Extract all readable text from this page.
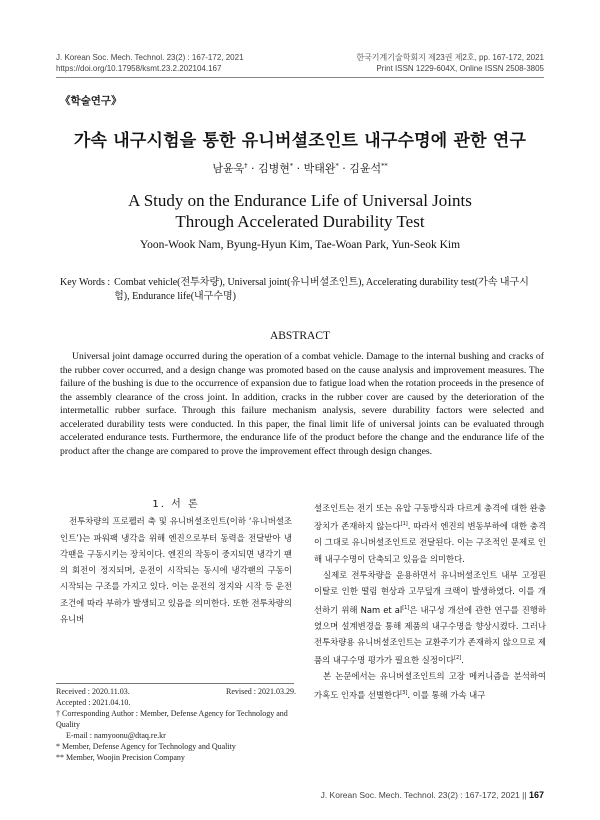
J. Korean Soc. Mech. Technol. 23(2) : 167-172, 2021
https://doi.org/10.17958/ksmt.23.2.202104.167
한국기계기술학회지 제23권 제2호, pp. 167-172, 2021
Print ISSN 1229-604X, Online ISSN 2508-3805
《학술연구》
가속 내구시험을 통한 유니버셜조인트 내구수명에 관한 연구
남윤욱† · 김병현* · 박태완* · 김윤석**
A Study on the Endurance Life of Universal Joints
Through Accelerated Durability Test
Yoon-Wook Nam, Byung-Hyun Kim, Tae-Woan Park, Yun-Seok Kim
Key Words : Combat vehicle(전투차량), Universal joint(유니버셜조인트), Accelerating durability test(가속 내구시험), Endurance life(내구수명)
ABSTRACT
Universal joint damage occurred during the operation of a combat vehicle. Damage to the internal bushing and cracks of the rubber cover occurred, and a design change was promoted based on the cause analysis and improvement measures. The failure of the bushing is due to the occurrence of expansion due to fatigue load when the rotation proceeds in the presence of the assembly clearance of the cross joint. In addition, cracks in the rubber cover are caused by the deterioration of the intermetallic rubber surface. Through this failure mechanism analysis, severe durability factors were selected and accelerated durability tests were conducted. In this paper, the final limit life of universal joints can be evaluated through accelerated endurance tests. Furthermore, the endurance life of the product before the change and the endurance life of the product after the change are compared to prove the improvement effect through design changes.

1. 서 론

전투차량의 프로펠러 축 및 유니버셜조인트(이하 ‘유니버셜조인트’)는 파워팩 냉각을 위해 엔진으로부터 동력을 전달받아 냉각팬을 구동시키는 장치이다. 엔진의 작동이 중지되면 냉각기 팬의 회전이 정지되며, 운전이 시작되는 동시에 냉각팬의 구동이 시작되는 구조를 가지고 있다. 이는 운전의 정지와 시작 등 운전조건에 따라 부하가 발생되고 있음을 의미한다. 또한 전투차량의 유니버

셜조인트는 전기 또는 유압 구동방식과 다르게 충격에 대한 완충장치가 존재하지 않는다[1]. 따라서 엔진의 변동부하에 대한 충격이 그대로 유니버셜조인트로 전달된다. 이는 구조적인 문제로 인해 내구수명이 단축되고 있음을 의미한다.

실제로 전투차량을 운용하면서 유니버셜조인트 내부 고정핀 이탈로 인한 떨림 현상과 고무덮개 크랙이 발생하였다. 이를 개선하기 위해 Nam et al[1]은 내구성 개선에 관한 연구를 진행하였으며 설계변경을 통해 제품의 내구수명을 향상시켰다. 그러나 전투차량용 유니버셜조인트는 교환주기가 존재하지 않으므로 제품의 내구수명 평가가 필요한 실정이다[2].

본 논문에서는 유니버셜조인트의 고장 메커니즘을 분석하여 가혹도 인자를 선별한다[3]. 이를 통해 가속 내구

Received : 2020.11.03.	Revised : 2021.03.29.
Accepted : 2021.04.10.
† Corresponding Author : Member, Defense Agency for Technology and Quality
E-mail : namyoonu@dtaq.re.kr
* Member, Defense Agency for Technology and Quality
** Member, Woojin Precision Company
J. Korean Soc. Mech. Technol. 23(2) : 167-172, 2021 || 167
